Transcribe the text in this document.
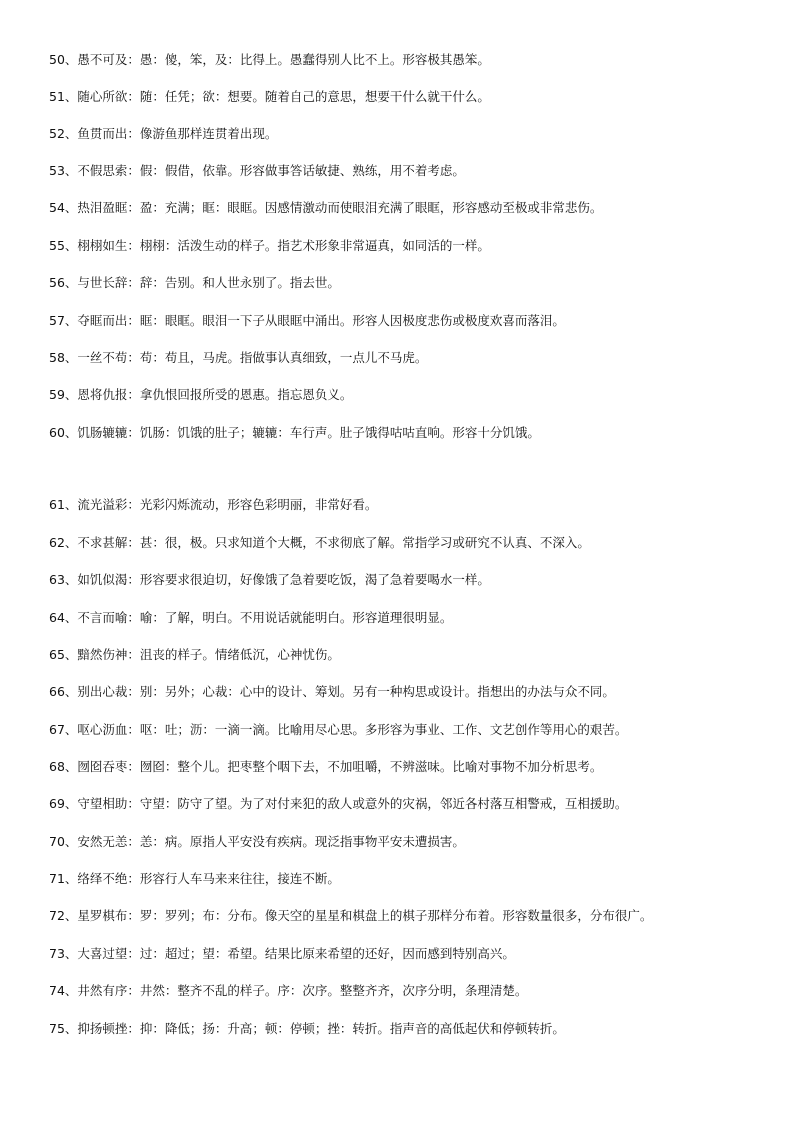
50、愚不可及：愚：傻，笨，及：比得上。愚蠢得别人比不上。形容极其愚笨。
51、随心所欲：随：任凭；欲：想要。随着自己的意思，想要干什么就干什么。
52、鱼贯而出：像游鱼那样连贯着出现。
53、不假思索：假：假借，依靠。形容做事答话敏捷、熟练，用不着考虑。
54、热泪盈眶：盈：充满；眶：眼眶。因感情激动而使眼泪充满了眼眶，形容感动至极或非常悲伤。
55、栩栩如生：栩栩：活泼生动的样子。指艺术形象非常逼真，如同活的一样。
56、与世长辞：辞：告别。和人世永别了。指去世。
57、夺眶而出：眶：眼眶。眼泪一下子从眼眶中涌出。形容人因极度悲伤或极度欢喜而落泪。
58、一丝不苟：苟：苟且，马虎。指做事认真细致，一点儿不马虎。
59、恩将仇报：拿仇恨回报所受的恩惠。指忘恩负义。
60、饥肠辘辘：饥肠：饥饿的肚子；辘辘：车行声。肚子饿得咕咕直响。形容十分饥饿。
61、流光溢彩：光彩闪烁流动，形容色彩明丽，非常好看。
62、不求甚解：甚：很，极。只求知道个大概，不求彻底了解。常指学习或研究不认真、不深入。
63、如饥似渴：形容要求很迫切，好像饿了急着要吃饭，渴了急着要喝水一样。
64、不言而喻：喻：了解，明白。不用说话就能明白。形容道理很明显。
65、黯然伤神：沮丧的样子。情绪低沉，心神忧伤。
66、别出心裁：别：另外；心裁：心中的设计、筹划。另有一种构思或设计。指想出的办法与众不同。
67、呕心沥血：呕：吐；沥：一滴一滴。比喻用尽心思。多形容为事业、工作、文艺创作等用心的艰苦。
68、囫囵吞枣：囫囵：整个儿。把枣整个咽下去，不加咀嚼，不辨滋味。比喻对事物不加分析思考。
69、守望相助：守望：防守了望。为了对付来犯的敌人或意外的灾祸，邻近各村落互相警戒，互相援助。
70、安然无恙：恙：病。原指人平安没有疾病。现泛指事物平安未遭损害。
71、络绎不绝：形容行人车马来来往往，接连不断。
72、星罗棋布：罗：罗列；布：分布。像天空的星星和棋盘上的棋子那样分布着。形容数量很多，分布很广。
73、大喜过望：过：超过；望：希望。结果比原来希望的还好，因而感到特别高兴。
74、井然有序：井然：整齐不乱的样子。序：次序。整整齐齐，次序分明，条理清楚。
75、抑扬顿挫：抑：降低；扬：升高；顿：停顿；挫：转折。指声音的高低起伏和停顿转折。
